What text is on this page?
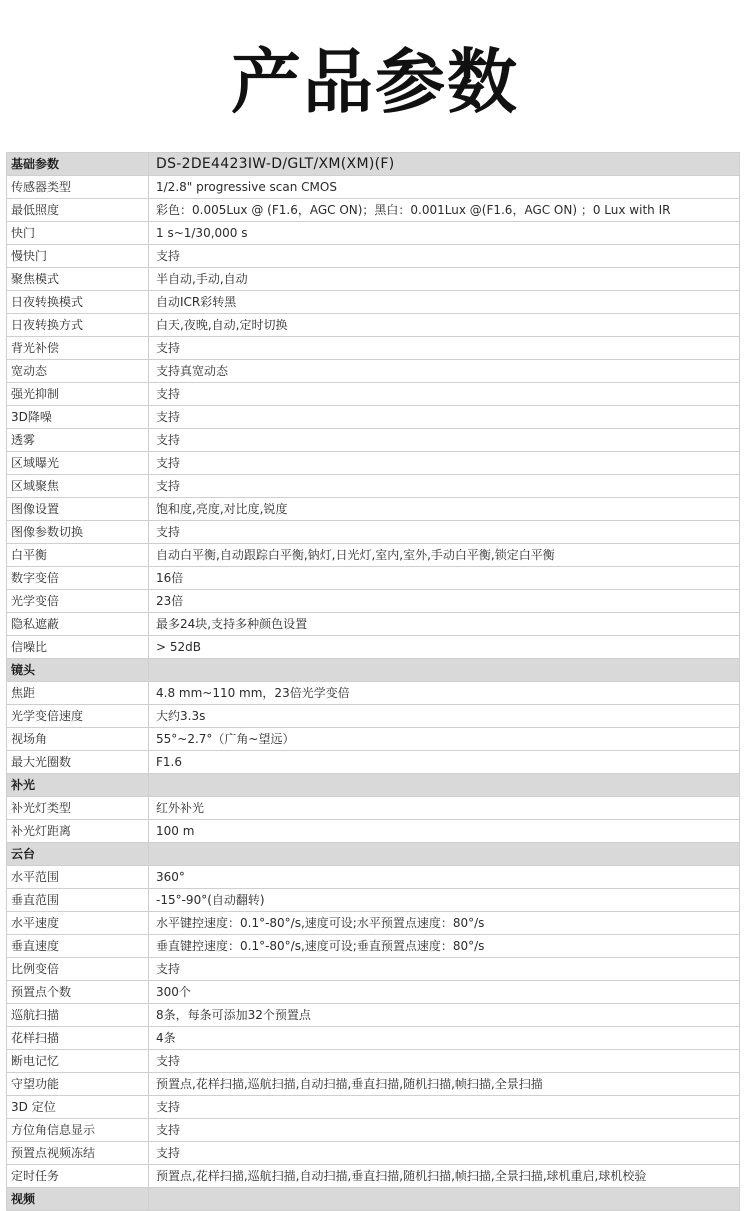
产品参数
基础参数	DS-2DE4423IW-D/GLT/XM(XM)(F)
传感器类型	1/2.8" progressive scan CMOS
最低照度	彩色：0.005Lux @ (F1.6，AGC ON)；黑白：0.001Lux @(F1.6，AGC ON) ；0 Lux with IR
快门	1 s~1/30,000 s
慢快门	支持
聚焦模式	半自动,手动,自动
日夜转换模式	自动ICR彩转黑
日夜转换方式	白天,夜晚,自动,定时切换
背光补偿	支持
宽动态	支持真宽动态
强光抑制	支持
3D降噪	支持
透雾	支持
区域曝光	支持
区域聚焦	支持
图像设置	饱和度,亮度,对比度,锐度
图像参数切换	支持
白平衡	自动白平衡,自动跟踪白平衡,钠灯,日光灯,室内,室外,手动白平衡,锁定白平衡
数字变倍	16倍
光学变倍	23倍
隐私遮蔽	最多24块,支持多种颜色设置
信噪比	> 52dB
镜头	
焦距	4.8 mm~110 mm，23倍光学变倍
光学变倍速度	大约3.3s
视场角	55°~2.7°（广角~望远）
最大光圈数	F1.6
补光	
补光灯类型	红外补光
补光灯距离	100 m
云台	
水平范围	360°
垂直范围	-15°-90°(自动翻转)
水平速度	水平键控速度：0.1°-80°/s,速度可设;水平预置点速度：80°/s
垂直速度	垂直键控速度：0.1°-80°/s,速度可设;垂直预置点速度：80°/s
比例变倍	支持
预置点个数	300个
巡航扫描	8条，每条可添加32个预置点
花样扫描	4条
断电记忆	支持
守望功能	预置点,花样扫描,巡航扫描,自动扫描,垂直扫描,随机扫描,帧扫描,全景扫描
3D 定位	支持
方位角信息显示	支持
预置点视频冻结	支持
定时任务	预置点,花样扫描,巡航扫描,自动扫描,垂直扫描,随机扫描,帧扫描,全景扫描,球机重启,球机校验
视频	
